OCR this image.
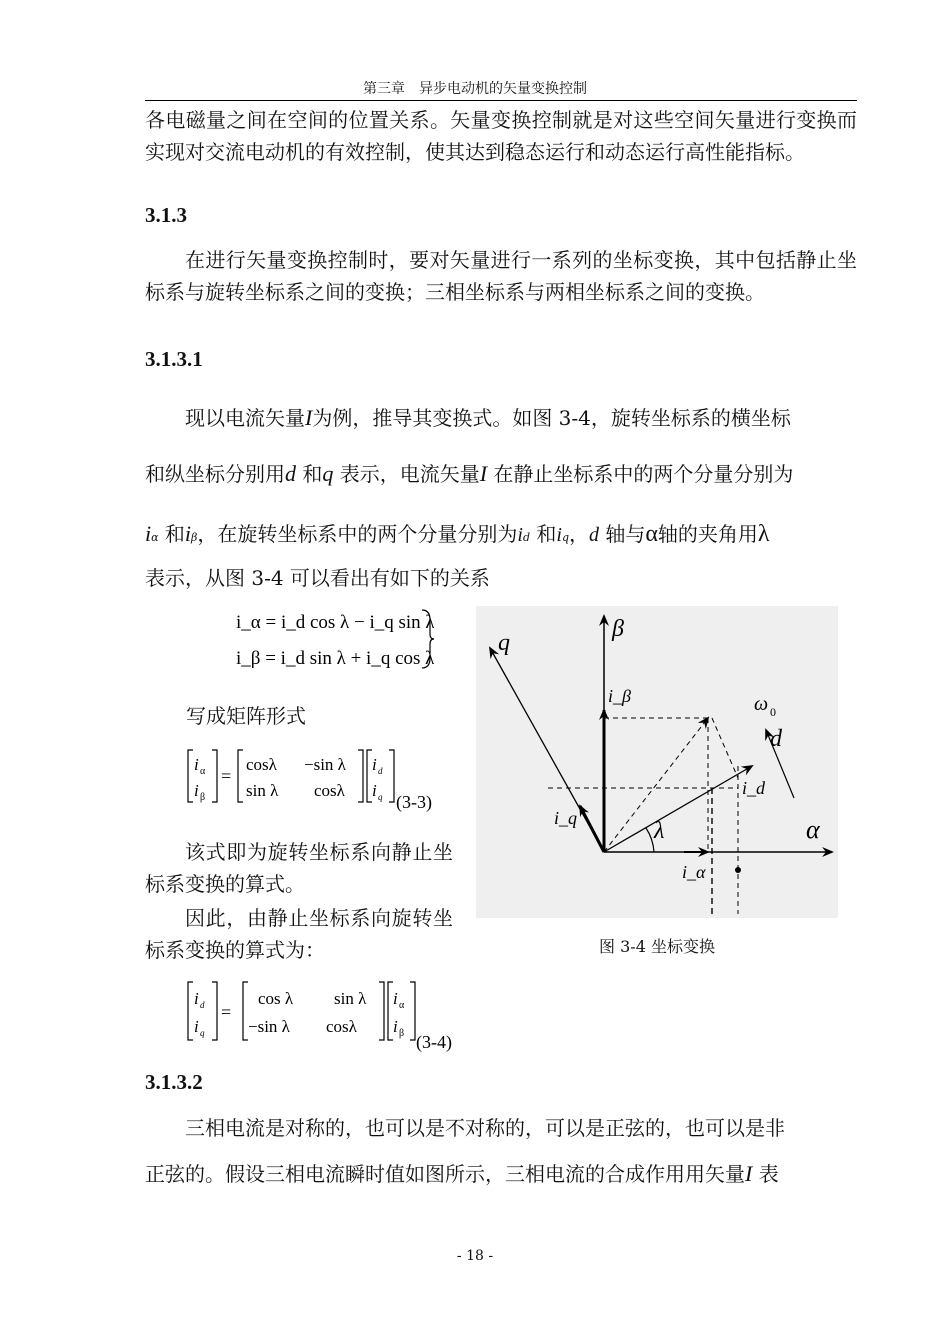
第三章　异步电动机的矢量变换控制
各电磁量之间在空间的位置关系。矢量变换控制就是对这些空间矢量进行变换而实现对交流电动机的有效控制，使其达到稳态运行和动态运行高性能指标。
3.1.3
在进行矢量变换控制时，要对矢量进行一系列的坐标变换，其中包括静止坐标系与旋转坐标系之间的变换；三相坐标系与两相坐标系之间的变换。
3.1.3.1
现以电流矢量I为例，推导其变换式。如图 3-4，旋转坐标系的横坐标
和纵坐标分别用d 和q 表示，电流矢量I 在静止坐标系中的两个分量分别为
iα 和iβ，在旋转坐标系中的两个分量分别为id 和iq，d 轴与α轴的夹角用λ
表示，从图 3-4 可以看出有如下的关系
i_α = i_d cos λ − i_q sin λ
i_β = i_d sin λ + i_q cos λ
写成矩阵形式
i α
i β
=
cosλ −sin λ
sin λ cosλ
i d
i q (3-3)
该式即为旋转坐标系向静止坐标系变换的算式。
因此，由静止坐标系向旋转坐标系变换的算式为：
q
β
i_β	ω 0
d
i_d
i_q	λ	α
i_α
图 3-4 坐标变换
i d
i q
=
cos λ sin λ
−sin λ cosλ
i α
i β (3-4)
3.1.3.2
三相电流是对称的，也可以是不对称的，可以是正弦的，也可以是非
正弦的。假设三相电流瞬时值如图所示，三相电流的合成作用用矢量I 表
- 18 -
